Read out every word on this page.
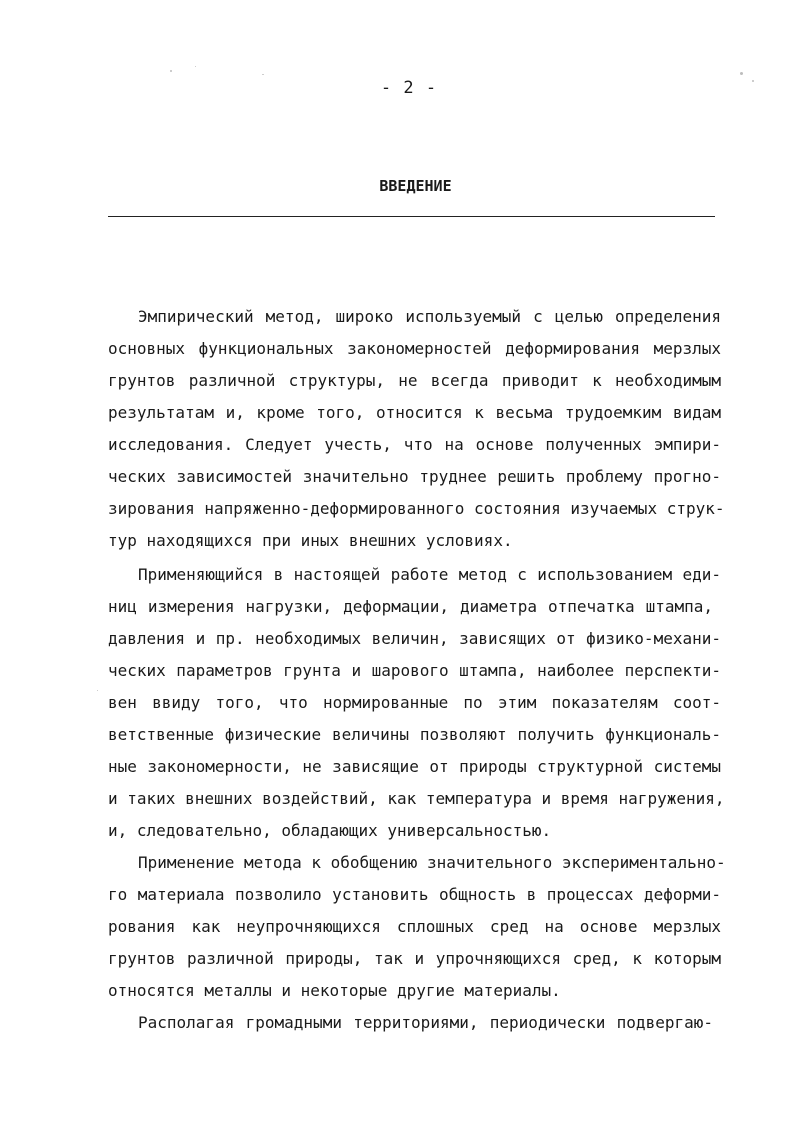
- 2 -
ВВЕДЕНИЕ
Эмпирический метод, широко используемый с целью определения
основных функциональных закономерностей деформирования мерзлых
грунтов различной структуры, не всегда приводит к необходимым
результатам и, кроме того, относится к весьма трудоемким видам
исследования. Следует учесть, что на основе полученных эмпири-
ческих зависимостей значительно труднее решить проблему прогно-
зирования напряженно-деформированного состояния изучаемых струк-
тур находящихся при иных внешних условиях.
Применяющийся в настоящей работе метод с использованием еди-
ниц измерения нагрузки, деформации, диаметра отпечатка штампа,
давления и пр. необходимых величин, зависящих от физико-механи-
ческих параметров грунта и шарового штампа, наиболее перспекти-
вен ввиду того, что нормированные по этим показателям соот-
ветственные физические величины позволяют получить функциональ-
ные закономерности, не зависящие от природы структурной системы
и таких внешних воздействий, как температура и время нагружения,
и, следовательно, обладающих универсальностью.
Применение метода к обобщению значительного экспериментально-
го материала позволило установить общность в процессах деформи-
рования как неупрочняющихся сплошных сред на основе мерзлых
грунтов различной природы, так и упрочняющихся сред, к которым
относятся металлы и некоторые другие материалы.
Располагая громадными территориями, периодически подвергаю-
